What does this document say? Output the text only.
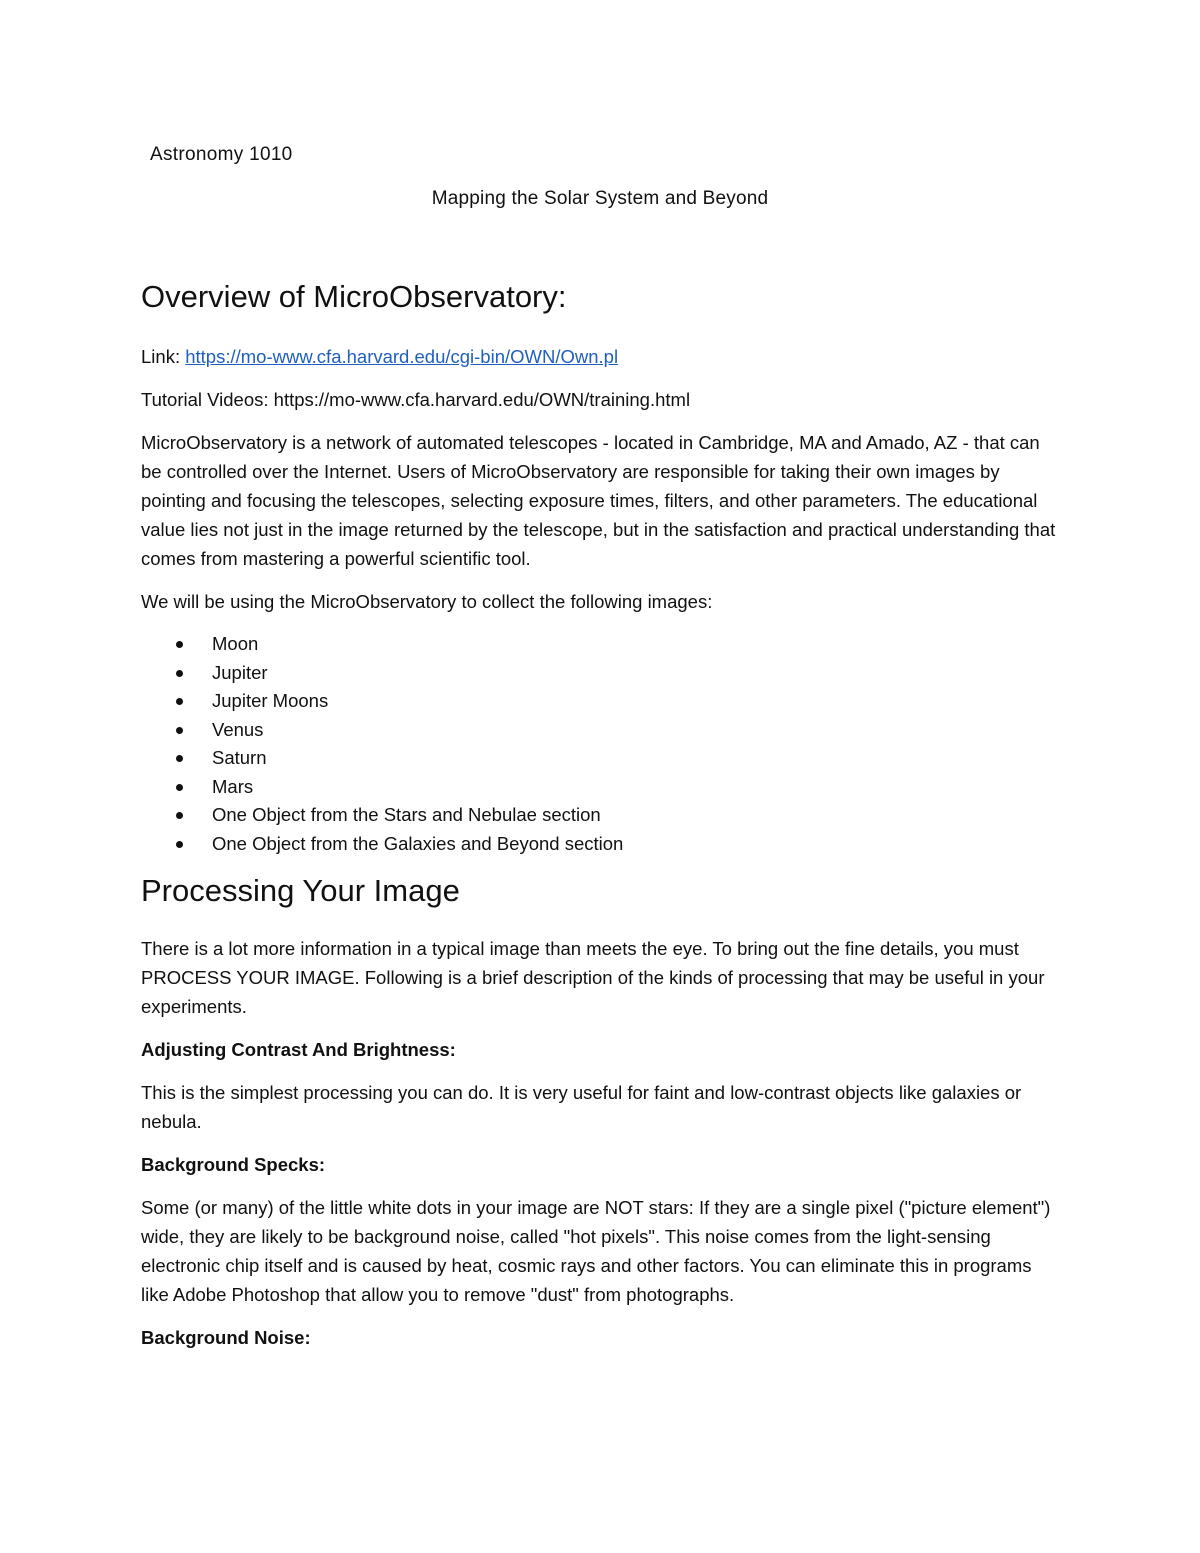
Astronomy 1010
Mapping the Solar System and Beyond
Overview of MicroObservatory:

Link: https://mo-www.cfa.harvard.edu/cgi-bin/OWN/Own.pl

Tutorial Videos: https://mo-www.cfa.harvard.edu/OWN/training.html

MicroObservatory is a network of automated telescopes - located in Cambridge, MA and Amado, AZ - that can be controlled over the Internet. Users of MicroObservatory are responsible for taking their own images by pointing and focusing the telescopes, selecting exposure times, filters, and other parameters. The educational value lies not just in the image returned by the telescope, but in the satisfaction and practical understanding that comes from mastering a powerful scientific tool.

We will be using the MicroObservatory to collect the following images:

Moon
Jupiter
Jupiter Moons
Venus
Saturn
Mars
One Object from the Stars and Nebulae section
One Object from the Galaxies and Beyond section
Processing Your Image

There is a lot more information in a typical image than meets the eye. To bring out the fine details, you must PROCESS YOUR IMAGE. Following is a brief description of the kinds of processing that may be useful in your experiments.

Adjusting Contrast And Brightness:

This is the simplest processing you can do. It is very useful for faint and low-contrast objects like galaxies or nebula.

Background Specks:

Some (or many) of the little white dots in your image are NOT stars: If they are a single pixel ("picture element") wide, they are likely to be background noise, called "hot pixels". This noise comes from the light-sensing electronic chip itself and is caused by heat, cosmic rays and other factors. You can eliminate this in programs like Adobe Photoshop that allow you to remove "dust" from photographs.

Background Noise:
